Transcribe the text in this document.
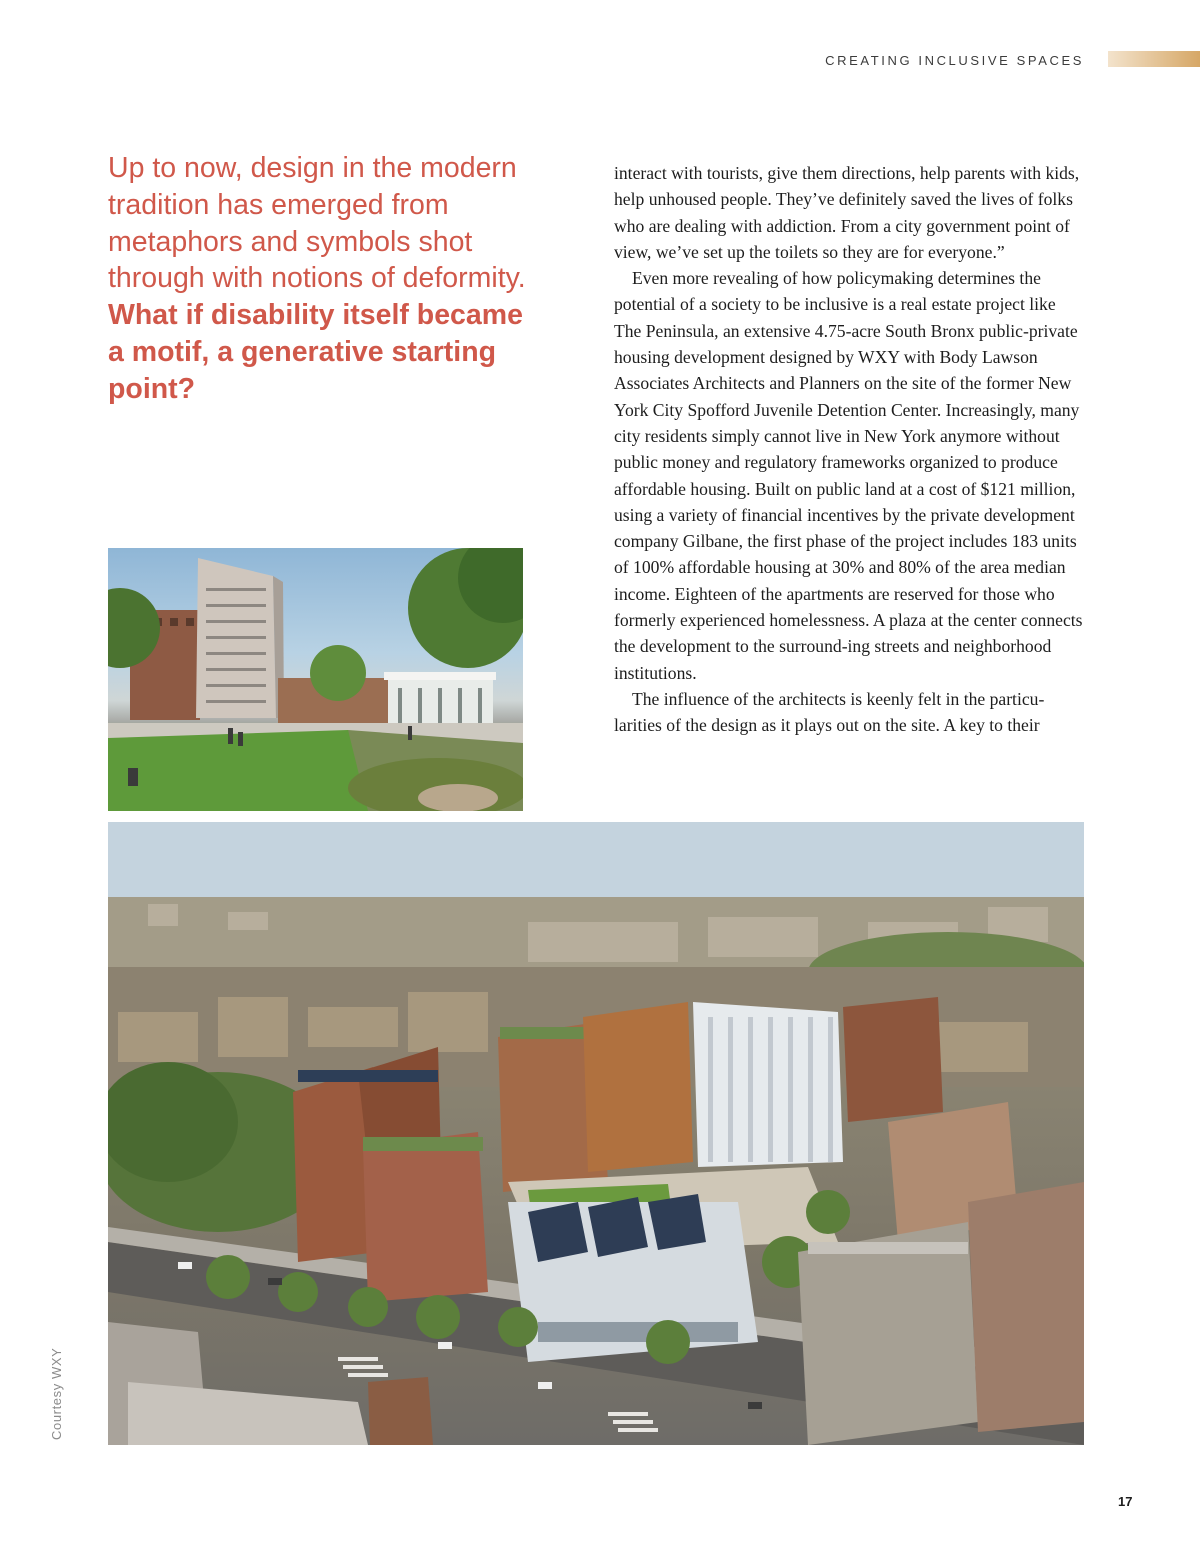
CREATING INCLUSIVE SPACES

Up to now, design in the modern tradition has emerged from metaphors and symbols shot through with notions of deformity. What if disability itself became a motif, a generative starting point?

interact with tourists, give them directions, help parents with kids, help unhoused people. They’ve definitely saved the lives of folks who are dealing with addiction. From a city government point of view, we’ve set up the toilets so they are for everyone.”

Even more revealing of how policymaking determines the potential of a society to be inclusive is a real estate project like The Peninsula, an extensive 4.75-acre South Bronx public-private housing development designed by WXY with Body Lawson Associates Architects and Planners on the site of the former New York City Spofford Juvenile Detention Center. Increasingly, many city residents simply cannot live in New York anymore without public money and regulatory frameworks organized to produce affordable housing. Built on public land at a cost of $121 million, using a variety of financial incentives by the private development company Gilbane, the first phase of the project includes 183 units of 100% affordable housing at 30% and 80% of the area median income. Eighteen of the apartments are reserved for those who formerly experienced homelessness. A plaza at the center connects the development to the surround-ing streets and neighborhood institutions.

The influence of the architects is keenly felt in the particu-larities of the design as it plays out on the site. A key to their

Courtesy WXY
17
